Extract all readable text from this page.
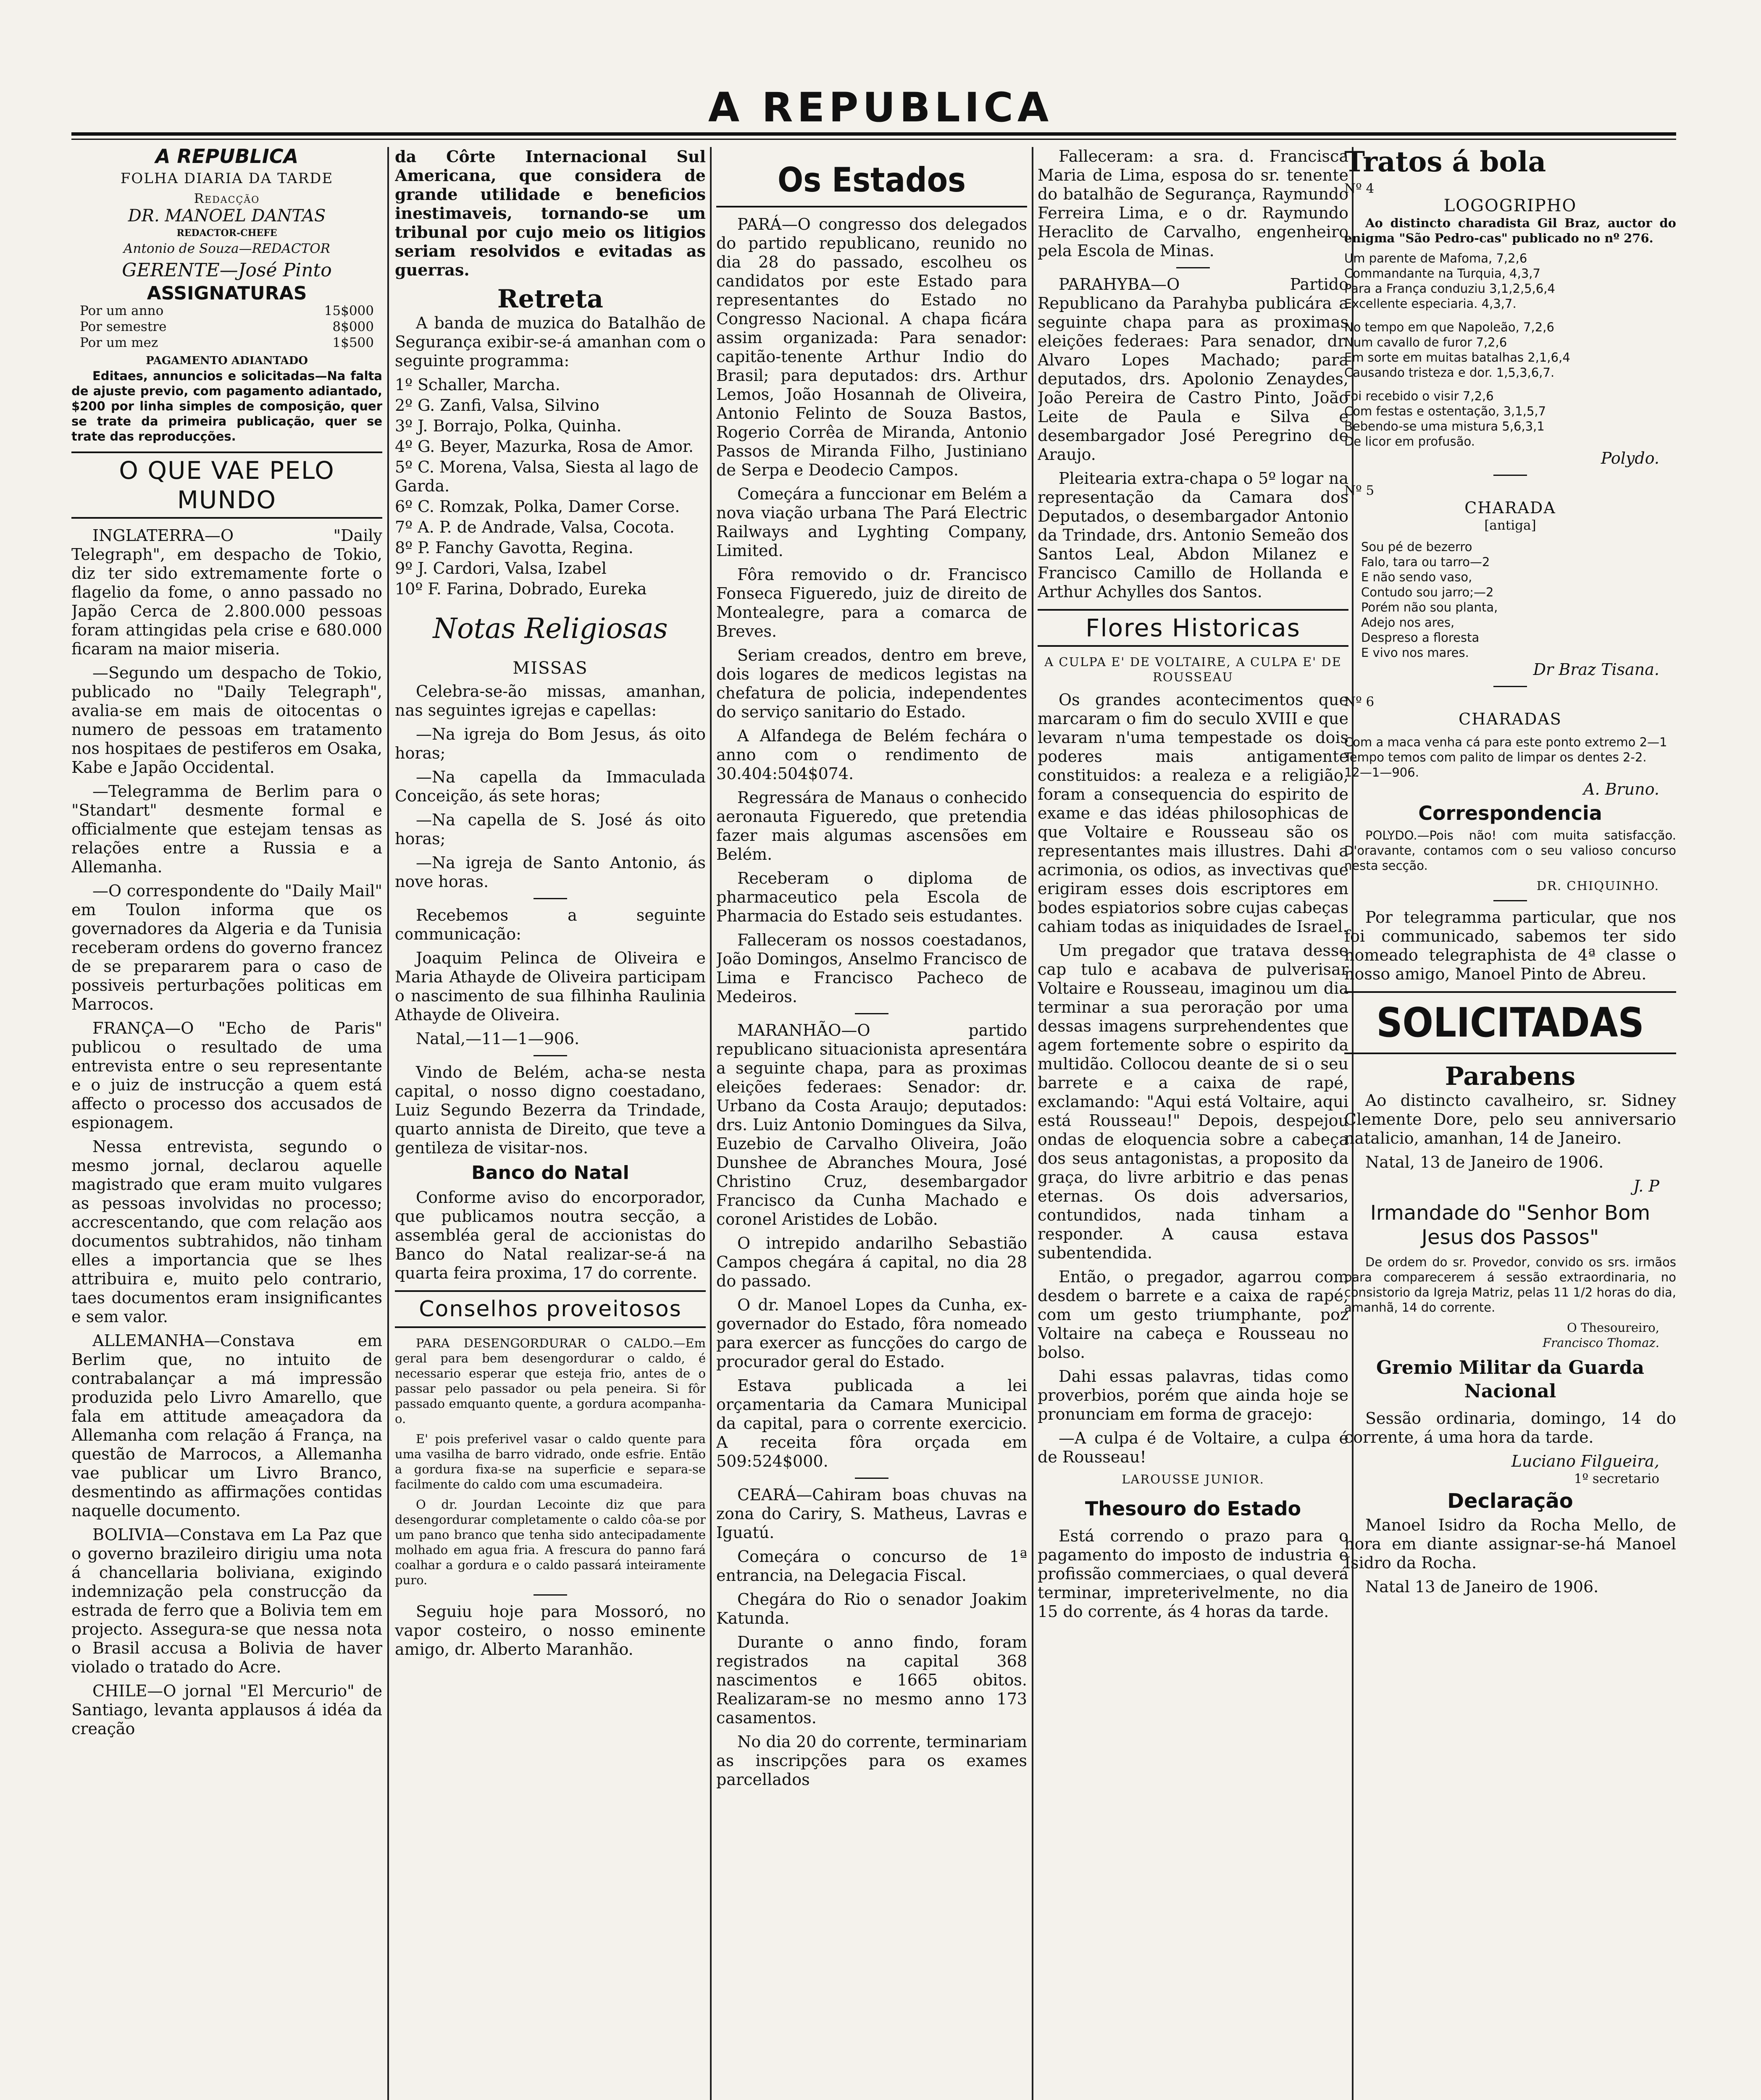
A REPUBLICA
A REPUBLICA
FOLHA DIARIA DA TARDE
Redacção
DR. MANOEL DANTAS
REDACTOR-CHEFE
Antonio de Souza—REDACTOR
GERENTE—José Pinto
ASSIGNATURAS
Por um anno	15$000
Por semestre	8$000
Por um mez	1$500
PAGAMENTO ADIANTADO

Editaes, annuncios e solicitadas—Na falta de ajuste previo, com pagamento adiantado, $200 por linha simples de composição, quer se trate da primeira publicação, quer se trate das reproducções.

O QUE VAE PELO MUNDO

INGLATERRA—O "Daily Telegraph", em despacho de Tokio, diz ter sido extremamente forte o flagelio da fome, o anno passado no Japão Cerca de 2.800.000 pessoas foram attingidas pela crise e 680.000 ficaram na maior miseria.

—Segundo um despacho de Tokio, publicado no "Daily Telegraph", avalia-se em mais de oitocentas o numero de pessoas em tratamento nos hospitaes de pestiferos em Osaka, Kabe e Japão Occidental.

—Telegramma de Berlim para o "Standart" desmente formal e officialmente que estejam tensas as relações entre a Russia e a Allemanha.

—O correspondente do "Daily Mail" em Toulon informa que os governadores da Algeria e da Tunisia receberam ordens do governo francez de se prepararem para o caso de possiveis perturbações politicas em Marrocos.

FRANÇA—O "Echo de Paris" publicou o resultado de uma entrevista entre o seu representante e o juiz de instrucção a quem está affecto o processo dos accusados de espionagem.

Nessa entrevista, segundo o mesmo jornal, declarou aquelle magistrado que eram muito vulgares as pessoas involvidas no processo; accrescentando, que com relação aos documentos subtrahidos, não tinham elles a importancia que se lhes attribuira e, muito pelo contrario, taes documentos eram insignificantes e sem valor.

ALLEMANHA—Constava em Berlim que, no intuito de contrabalançar a má impressão produzida pelo Livro Amarello, que fala em attitude ameaçadora da Allemanha com relação á França, na questão de Marrocos, a Allemanha vae publicar um Livro Branco, desmentindo as affirmações contidas naquelle documento.

BOLIVIA—Constava em La Paz que o governo brazileiro dirigiu uma nota á chancellaria boliviana, exigindo indemnização pela construcção da estrada de ferro que a Bolivia tem em projecto. Assegura-se que nessa nota o Brasil accusa a Bolivia de haver violado o tratado do Acre.

CHILE—O jornal "El Mercurio" de Santiago, levanta applausos á idéa da creação

da Côrte Internacional Sul Americana, que considera de grande utilidade e beneficios inestimaveis, tornando-se um tribunal por cujo meio os litigios seriam resolvidos e evitadas as guerras.

Retreta

A banda de muzica do Batalhão de Segurança exibir-se-á amanhan com o seguinte programma:

1º Schaller, Marcha.
2º G. Zanfi, Valsa, Silvino
3º J. Borrajo, Polka, Quinha.
4º G. Beyer, Mazurka, Rosa de Amor.
5º C. Morena, Valsa, Siesta al lago de Garda.
6º C. Romzak, Polka, Damer Corse.
7º A. P. de Andrade, Valsa, Cocota.
8º P. Fanchy Gavotta, Regina.
9º J. Cardori, Valsa, Izabel
10º F. Farina, Dobrado, Eureka
Notas Religiosas
MISSAS

Celebra-se-ão missas, amanhan, nas seguintes igrejas e capellas:

—Na igreja do Bom Jesus, ás oito horas;

—Na capella da Immaculada Conceição, ás sete horas;

—Na capella de S. José ás oito horas;

—Na igreja de Santo Antonio, ás nove horas.

Recebemos a seguinte communicação:

Joaquim Pelinca de Oliveira e Maria Athayde de Oliveira participam o nascimento de sua filhinha Raulinia Athayde de Oliveira.

Natal,—11—1—906.

Vindo de Belém, acha-se nesta capital, o nosso digno coestadano, Luiz Segundo Bezerra da Trindade, quarto annista de Direito, que teve a gentileza de visitar-nos.

Banco do Natal

Conforme aviso do encorporador, que publicamos noutra secção, a assembléa geral de accionistas do Banco do Natal realizar-se-á na quarta feira proxima, 17 do corrente.

Conselhos proveitosos

PARA DESENGORDURAR O CALDO.—Em geral para bem desengordurar o caldo, é necessario esperar que esteja frio, antes de o passar pelo passador ou pela peneira. Si fôr passado emquanto quente, a gordura acompanha-o.

E' pois preferivel vasar o caldo quente para uma vasilha de barro vidrado, onde esfrie. Então a gordura fixa-se na superficie e separa-se facilmente do caldo com uma escumadeira.

O dr. Jourdan Lecointe diz que para desengordurar completamente o caldo côa-se por um pano branco que tenha sido antecipadamente molhado em agua fria. A frescura do panno fará coalhar a gordura e o caldo passará inteiramente puro.

Seguiu hoje para Mossoró, no vapor costeiro, o nosso eminente amigo, dr. Alberto Maranhão.

Os Estados

PARÁ—O congresso dos delegados do partido republicano, reunido no dia 28 do passado, escolheu os candidatos por este Estado para representantes do Estado no Congresso Nacional. A chapa ficára assim organizada: Para senador: capitão-tenente Arthur Indio do Brasil; para deputados: drs. Arthur Lemos, João Hosannah de Oliveira, Antonio Felinto de Souza Bastos, Rogerio Corrêa de Miranda, Antonio Passos de Miranda Filho, Justiniano de Serpa e Deodecio Campos.

Começára a funccionar em Belém a nova viação urbana The Pará Electric Railways and Lyghting Company, Limited.

Fôra removido o dr. Francisco Fonseca Figueredo, juiz de direito de Montealegre, para a comarca de Breves.

Seriam creados, dentro em breve, dois logares de medicos legistas na chefatura de policia, independentes do serviço sanitario do Estado.

A Alfandega de Belém fechára o anno com o rendimento de 30.404:504$074.

Regressára de Manaus o conhecido aeronauta Figueredo, que pretendia fazer mais algumas ascensões em Belém.

Receberam o diploma de pharmaceutico pela Escola de Pharmacia do Estado seis estudantes.

Falleceram os nossos coestadanos, João Domingos, Anselmo Francisco de Lima e Francisco Pacheco de Medeiros.

MARANHÃO—O partido republicano situacionista apresentára a seguinte chapa, para as proximas eleições federaes: Senador: dr. Urbano da Costa Araujo; deputados: drs. Luiz Antonio Domingues da Silva, Euzebio de Carvalho Oliveira, João Dunshee de Abranches Moura, José Christino Cruz, desembargador Francisco da Cunha Machado e coronel Aristides de Lobão.

O intrepido andarilho Sebastião Campos chegára á capital, no dia 28 do passado.

O dr. Manoel Lopes da Cunha, ex-governador do Estado, fôra nomeado para exercer as funcções do cargo de procurador geral do Estado.

Estava publicada a lei orçamentaria da Camara Municipal da capital, para o corrente exercicio. A receita fôra orçada em 509:524$000.

CEARÁ—Cahiram boas chuvas na zona do Cariry, S. Matheus, Lavras e Iguatú.

Começára o concurso de 1ª entrancia, na Delegacia Fiscal.

Chegára do Rio o senador Joakim Katunda.

Durante o anno findo, foram registrados na capital 368 nascimentos e 1665 obitos. Realizaram-se no mesmo anno 173 casamentos.

No dia 20 do corrente, terminariam as inscripções para os exames parcellados

Falleceram: a sra. d. Francisca Maria de Lima, esposa do sr. tenente do batalhão de Segurança, Raymundo Ferreira Lima, e o dr. Raymundo Heraclito de Carvalho, engenheiro pela Escola de Minas.

PARAHYBA—O Partido Republicano da Parahyba publicára a seguinte chapa para as proximas eleições federaes: Para senador, dr. Alvaro Lopes Machado; para deputados, drs. Apolonio Zenaydes, João Pereira de Castro Pinto, João Leite de Paula e Silva e desembargador José Peregrino de Araujo.

Pleitearia extra-chapa o 5º logar na representação da Camara dos Deputados, o desembargador Antonio da Trindade, drs. Antonio Semeão dos Santos Leal, Abdon Milanez e Francisco Camillo de Hollanda e Arthur Achylles dos Santos.

Flores Historicas
A CULPA E' DE VOLTAIRE, A CULPA E' DE ROUSSEAU

Os grandes acontecimentos que marcaram o fim do seculo XVIII e que levaram n'uma tempestade os dois poderes mais antigamente constituidos: a realeza e a religião, foram a consequencia do espirito de exame e das idéas philosophicas de que Voltaire e Rousseau são os representantes mais illustres. Dahi a acrimonia, os odios, as invectivas que erigiram esses dois escriptores em bodes espiatorios sobre cujas cabeças cahiam todas as iniquidades de Israel.

Um pregador que tratava desse cap tulo e acabava de pulverisar Voltaire e Rousseau, imaginou um dia terminar a sua peroração por uma dessas imagens surprehendentes que agem fortemente sobre o espirito da multidão. Collocou deante de si o seu barrete e a caixa de rapé, exclamando: "Aqui está Voltaire, aqui está Rousseau!" Depois, despejou ondas de eloquencia sobre a cabeça dos seus antagonistas, a proposito da graça, do livre arbitrio e das penas eternas. Os dois adversarios, contundidos, nada tinham a responder. A causa estava subentendida.

Então, o pregador, agarrou com desdem o barrete e a caixa de rapé, com um gesto triumphante, poz Voltaire na cabeça e Rousseau no bolso.

Dahi essas palavras, tidas como proverbios, porém que ainda hoje se pronunciam em forma de gracejo:

—A culpa é de Voltaire, a culpa é de Rousseau!

LAROUSSE JUNIOR.
Thesouro do Estado

Está correndo o prazo para o pagamento do imposto de industria e profissão commerciaes, o qual deverá terminar, impreterivelmente, no dia 15 do corrente, ás 4 horas da tarde.

Tratos á bola
Nº 4
LOGOGRIPHO

Ao distincto charadista Gil Braz, auctor do enigma "São Pedro-cas" publicado no nº 276.

Um parente de Mafoma, 7,2,6
Commandante na Turquia, 4,3,7
Para a França conduziu 3,1,2,5,6,4
Excellente especiaria. 4,3,7.
No tempo em que Napoleão, 7,2,6
Num cavallo de furor 7,2,6
Em sorte em muitas batalhas 2,1,6,4
Causando tristeza e dor. 1,5,3,6,7.
Foi recebido o visir 7,2,6
Com festas e ostentação, 3,1,5,7
Bebendo-se uma mistura 5,6,3,1
De licor em profusão.
Polydo.
Nº 5
CHARADA
[antiga]
Sou pé de bezerro
Falo, tara ou tarro—2
E não sendo vaso,
Contudo sou jarro;—2
Porém não sou planta,
Adejo nos ares,
Despreso a floresta
E vivo nos mares.
Dr Braz Tisana.
Nº 6
CHARADAS
Com a maca venha cá para este ponto extremo 2—1
Tempo temos com palito de limpar os dentes 2-2.
12—1—906.
A. Bruno.
Correspondencia

POLYDO.—Pois não! com muita satisfacção. D'oravante, contamos com o seu valioso concurso nesta secção.

DR. CHIQUINHO.

Por telegramma particular, que nos foi communicado, sabemos ter sido nomeado telegraphista de 4ª classe o nosso amigo, Manoel Pinto de Abreu.

SOLICITADAS
Parabens

Ao distincto cavalheiro, sr. Sidney Clemente Dore, pelo seu anniversario natalicio, amanhan, 14 de Janeiro.

Natal, 13 de Janeiro de 1906.

J. P
Irmandade do "Senhor Bom Jesus dos Passos"

De ordem do sr. Provedor, convido os srs. irmãos para comparecerem á sessão extraordinaria, no consistorio da Igreja Matriz, pelas 11 1/2 horas do dia, amanhã, 14 do corrente.

O Thesoureiro,
Francisco Thomaz.
Gremio Militar da Guarda Nacional

Sessão ordinaria, domingo, 14 do corrente, á uma hora da tarde.

Luciano Filgueira,
1º secretario
Declaração

Manoel Isidro da Rocha Mello, de hora em diante assignar-se-há Manoel Isidro da Rocha.

Natal 13 de Janeiro de 1906.
